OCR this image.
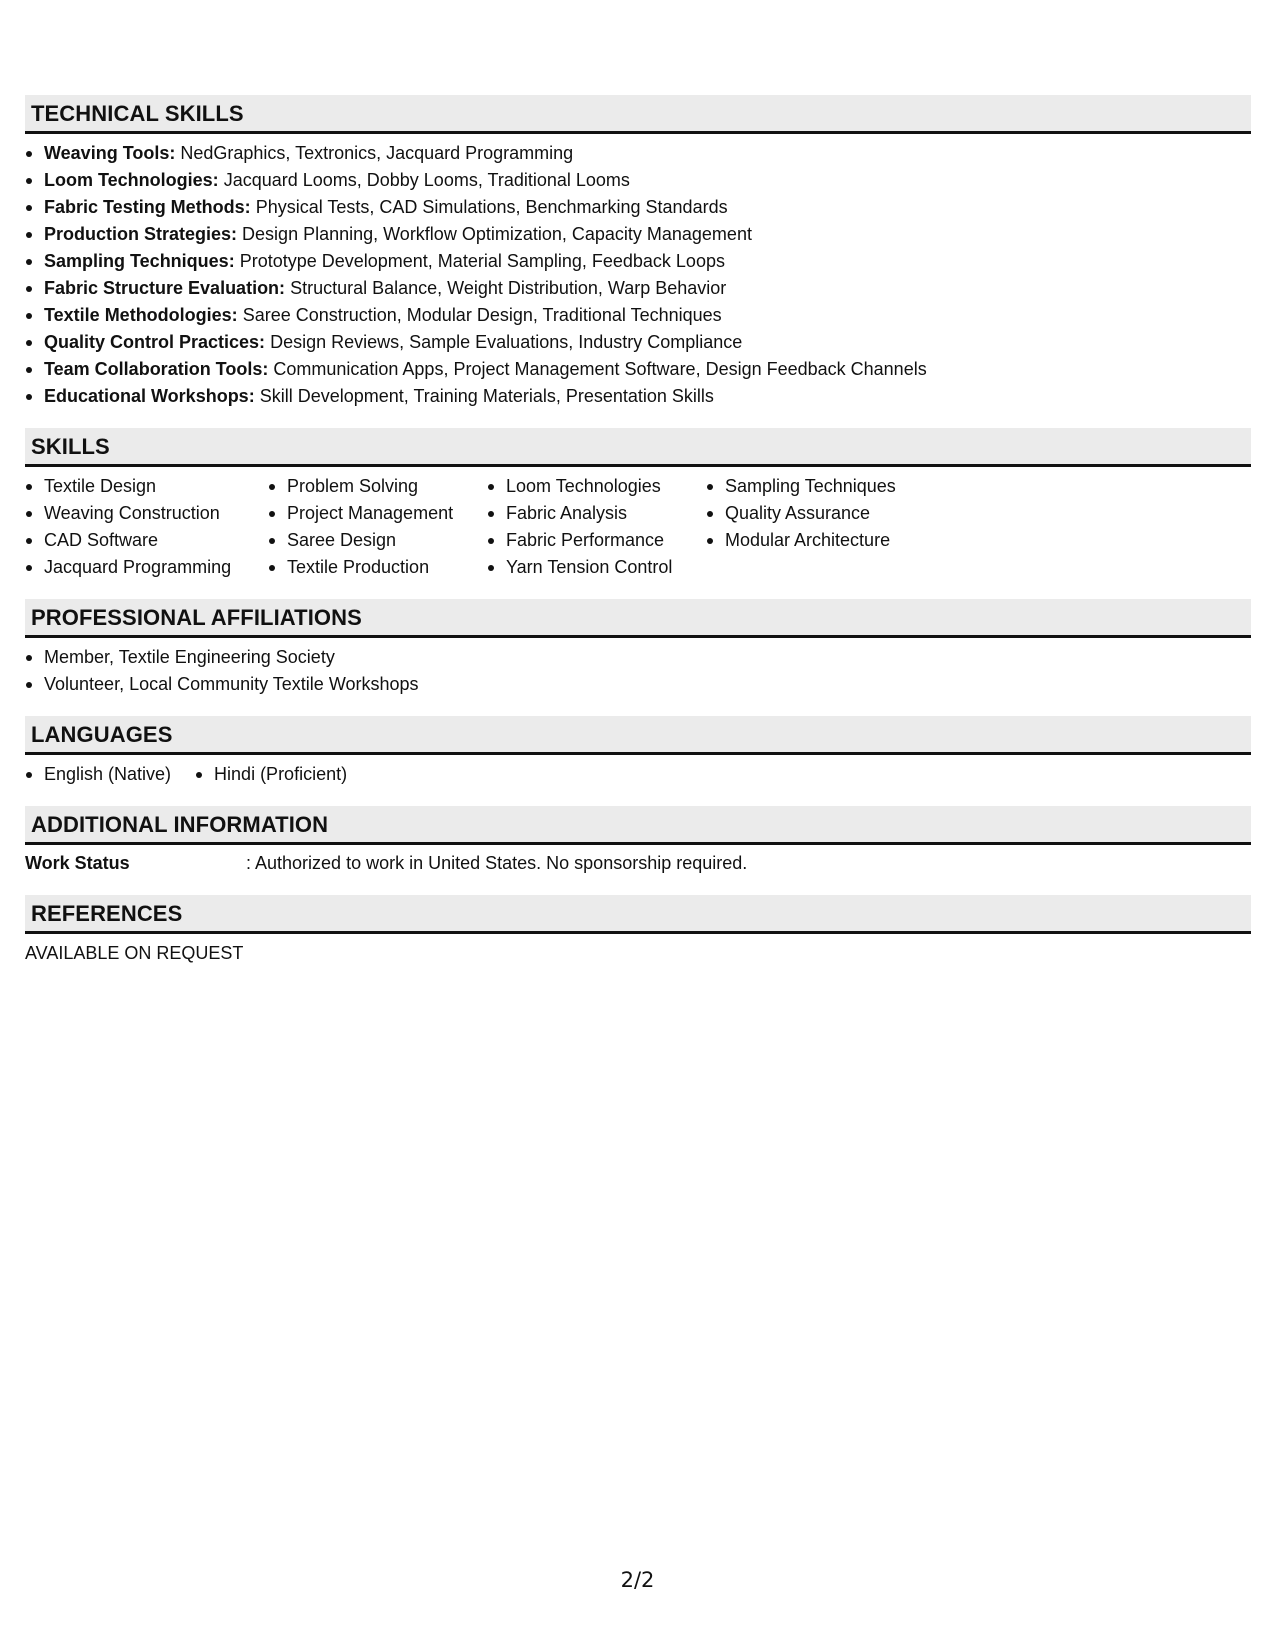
TECHNICAL SKILLS
Weaving Tools: NedGraphics, Textronics, Jacquard Programming
Loom Technologies: Jacquard Looms, Dobby Looms, Traditional Looms
Fabric Testing Methods: Physical Tests, CAD Simulations, Benchmarking Standards
Production Strategies: Design Planning, Workflow Optimization, Capacity Management
Sampling Techniques: Prototype Development, Material Sampling, Feedback Loops
Fabric Structure Evaluation: Structural Balance, Weight Distribution, Warp Behavior
Textile Methodologies: Saree Construction, Modular Design, Traditional Techniques
Quality Control Practices: Design Reviews, Sample Evaluations, Industry Compliance
Team Collaboration Tools: Communication Apps, Project Management Software, Design Feedback Channels
Educational Workshops: Skill Development, Training Materials, Presentation Skills
SKILLS
Textile Design
Weaving Construction
CAD Software
Jacquard Programming
Problem Solving
Project Management
Saree Design
Textile Production
Loom Technologies
Fabric Analysis
Fabric Performance
Yarn Tension Control
Sampling Techniques
Quality Assurance
Modular Architecture
PROFESSIONAL AFFILIATIONS
Member, Textile Engineering Society
Volunteer, Local Community Textile Workshops
LANGUAGES
English (Native)	Hindi (Proficient)
ADDITIONAL INFORMATION
Work Status	: Authorized to work in United States. No sponsorship required.
REFERENCES
AVAILABLE ON REQUEST
2/2
